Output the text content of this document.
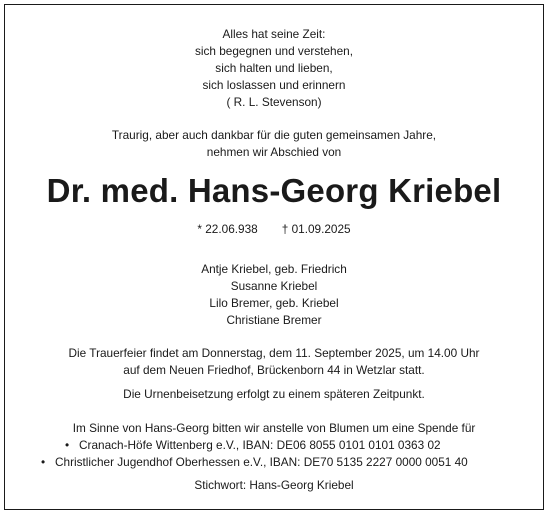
Alles hat seine Zeit:
sich begegnen und verstehen,
sich halten und lieben,
sich loslassen und erinnern
( R. L. Stevenson)
Traurig, aber auch dankbar für die guten gemeinsamen Jahre,
nehmen wir Abschied von
Dr. med. Hans-Georg Kriebel
* 22.06.938 † 01.09.2025
Antje Kriebel, geb. Friedrich
Susanne Kriebel
Lilo Bremer, geb. Kriebel
Christiane Bremer
Die Trauerfeier findet am Donnerstag, dem 11. September 2025, um 14.00 Uhr
auf dem Neuen Friedhof, Brückenborn 44 in Wetzlar statt.
Die Urnenbeisetzung erfolgt zu einem späteren Zeitpunkt.
Im Sinne von Hans-Georg bitten wir anstelle von Blumen um eine Spende für
• Cranach-Höfe Wittenberg e.V., IBAN: DE06 8055 0101 0101 0363 02
• Christlicher Jugendhof Oberhessen e.V., IBAN: DE70 5135 2227 0000 0051 40
Stichwort: Hans-Georg Kriebel
